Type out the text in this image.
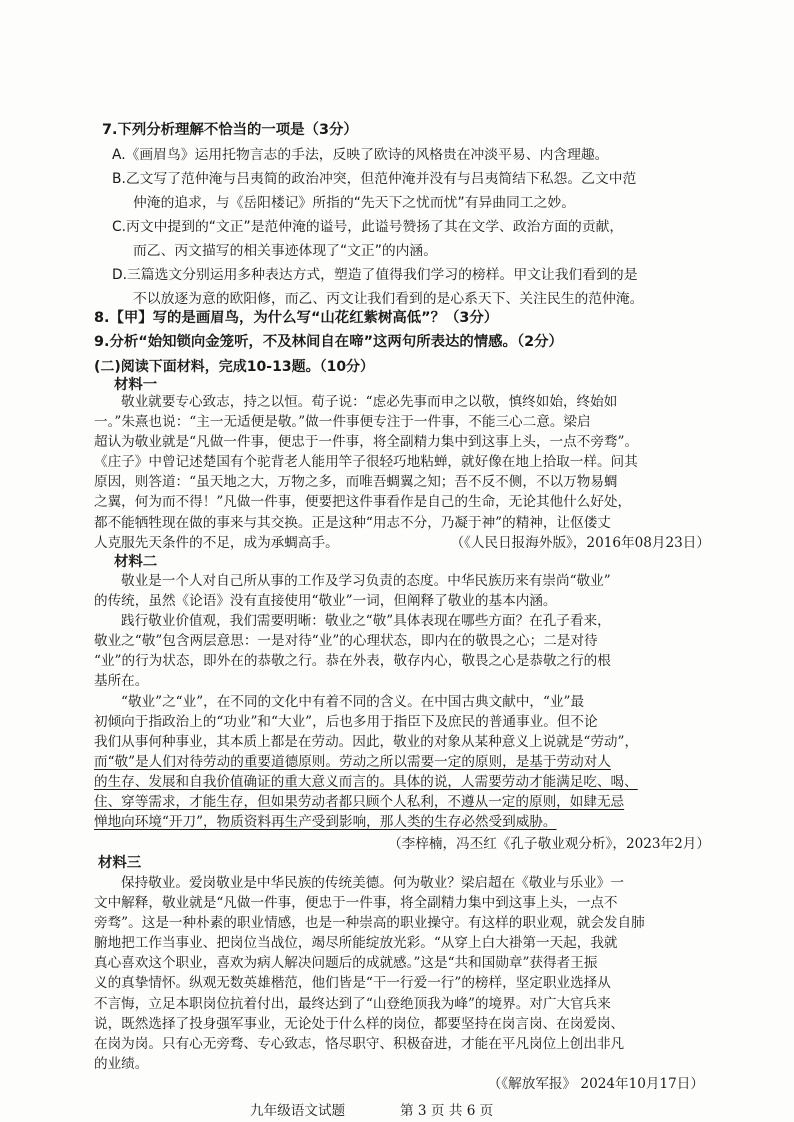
7.下列分析理解不恰当的一项是（3分）

A.《画眉鸟》运用托物言志的手法，反映了欧诗的风格贵在冲淡平易、内含理趣。

B.乙文写了范仲淹与吕夷简的政治冲突，但范仲淹并没有与吕夷简结下私怨。乙文中范

仲淹的追求，与《岳阳楼记》所指的“先天下之忧而忧”有异曲同工之妙。

C.丙文中提到的“文正”是范仲淹的谥号，此谥号赞扬了其在文学、政治方面的贡献，

而乙、丙文描写的相关事迹体现了“文正”的内涵。

D.三篇选文分别运用多种表达方式，塑造了值得我们学习的榜样。甲文让我们看到的是

不以放逐为意的欧阳修，而乙、丙文让我们看到的是心系天下、关注民生的范仲淹。

8.【甲】写的是画眉鸟，为什么写“山花红紫树高低”？（3分）
9.分析“始知锁向金笼听，不及林间自在啼”这两句所表达的情感。（2分）
(二)阅读下面材料，完成10-13题。（10分）
材料一

敬业就要专心致志，持之以恒。荀子说：“虑必先事而申之以敬，慎终如始，终始如

一。”朱熹也说：“主一无适便是敬。”做一件事便专注于一件事，不能三心二意。梁启

超认为敬业就是“凡做一件事，便忠于一件事，将全副精力集中到这事上头，一点不旁骛”。

《庄子》中曾记述楚国有个驼背老人能用竿子很轻巧地粘蝉，就好像在地上拾取一样。问其

原因，则答道：“虽天地之大，万物之多，而唯吾蜩翼之知；吾不反不侧，不以万物易蜩

之翼，何为而不得！”凡做一件事，便要把这件事看作是自己的生命，无论其他什么好处，

都不能牺牲现在做的事来与其交换。正是这种“用志不分，乃凝于神”的精神，让伛偻丈

人克服先天条件的不足，成为承蜩高手。	（《人民日报海外版》，2016年08月23日）
材料二

敬业是一个人对自己所从事的工作及学习负责的态度。中华民族历来有崇尚“敬业”

的传统，虽然《论语》没有直接使用“敬业”一词，但阐释了敬业的基本内涵。

践行敬业价值观，我们需要明晰：敬业之“敬”具体表现在哪些方面？在孔子看来，

敬业之“敬”包含两层意思：一是对待“业”的心理状态，即内在的敬畏之心；二是对待

“业”的行为状态，即外在的恭敬之行。恭在外表，敬存内心，敬畏之心是恭敬之行的根

基所在。

“敬业”之“业”，在不同的文化中有着不同的含义。在中国古典文献中，“业”最

初倾向于指政治上的“功业”和“大业”，后也多用于指臣下及庶民的普通事业。但不论

我们从事何种事业，其本质上都是在劳动。因此，敬业的对象从某种意义上说就是“劳动”，

而“敬”是人们对待劳动的重要道德原则。劳动之所以需要一定的原则，是基于劳动对人

的生存、发展和自我价值确证的重大意义而言的。具体的说，人需要劳动才能满足吃、喝、

住、穿等需求，才能生存，但如果劳动者都只顾个人私利，不遵从一定的原则，如肆无忌

惮地向环境“开刀”，物质资料再生产受到影响，那人类的生存必然受到威胁。

（李梓楠，冯丕红《孔子敬业观分析》，2023年2月）
材料三

保持敬业。爱岗敬业是中华民族的传统美德。何为敬业？梁启超在《敬业与乐业》一

文中解释，敬业就是“凡做一件事，便忠于一件事，将全副精力集中到这事上头，一点不

旁骛”。这是一种朴素的职业情感，也是一种崇高的职业操守。有这样的职业观，就会发自肺

腑地把工作当事业、把岗位当战位，竭尽所能绽放光彩。“从穿上白大褂第一天起，我就

真心喜欢这个职业，喜欢为病人解决问题后的成就感。”这是“共和国勋章”获得者王振

义的真挚情怀。纵观无数英雄楷范，他们皆是“干一行爱一行”的榜样，坚定职业选择从

不言悔，立足本职岗位抗着付出，最终达到了“山登绝顶我为峰”的境界。对广大官兵来

说，既然选择了投身强军事业，无论处于什么样的岗位，都要坚持在岗言岗、在岗爱岗、

在岗为岗。只有心无旁骛、专心致志，恪尽职守、积极奋进，才能在平凡岗位上创出非凡

的业绩。

（《解放军报》 2024年10月17日）
九年级语文试题	第 3 页 共 6 页
